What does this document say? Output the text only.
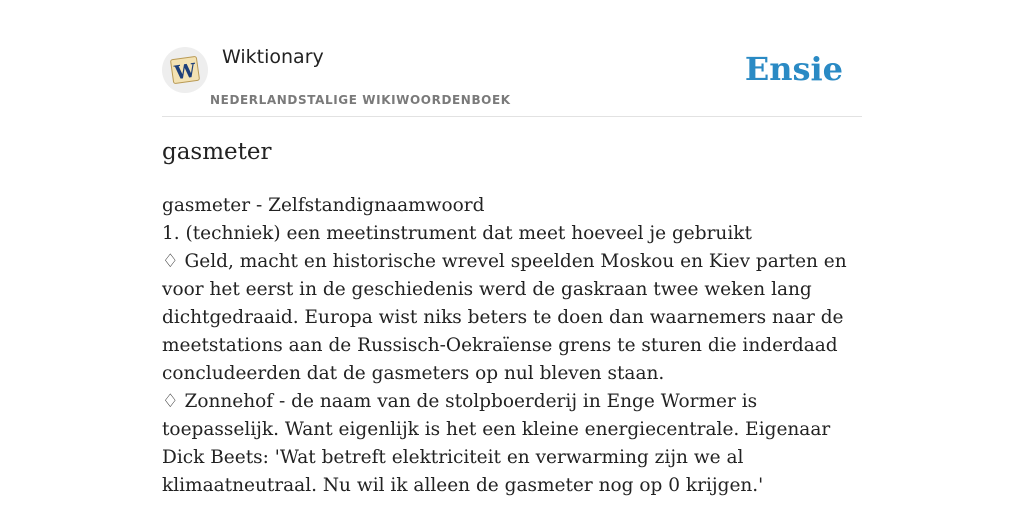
W
Wiktionary
NEDERLANDSTALIGE WIKIWOORDENBOEK
Ensie
gasmeter

gasmeter - Zelfstandignaamwoord

1. (techniek) een meetinstrument dat meet hoeveel je gebruikt

♢ Geld, macht en historische wrevel speelden Moskou en Kiev parten en voor het eerst in de geschiedenis werd de gaskraan twee weken lang dichtgedraaid. Europa wist niks beters te doen dan waarnemers naar de meetstations aan de Russisch-Oekraïense grens te sturen die inderdaad concludeerden dat de gasmeters op nul bleven staan.

♢ Zonnehof - de naam van de stolpboerderij in Enge Wormer is toepasselijk. Want eigenlijk is het een kleine energiecentrale. Eigenaar Dick Beets: 'Wat betreft elektriciteit en verwarming zijn we al klimaatneutraal. Nu wil ik alleen de gasmeter nog op 0 krijgen.'
